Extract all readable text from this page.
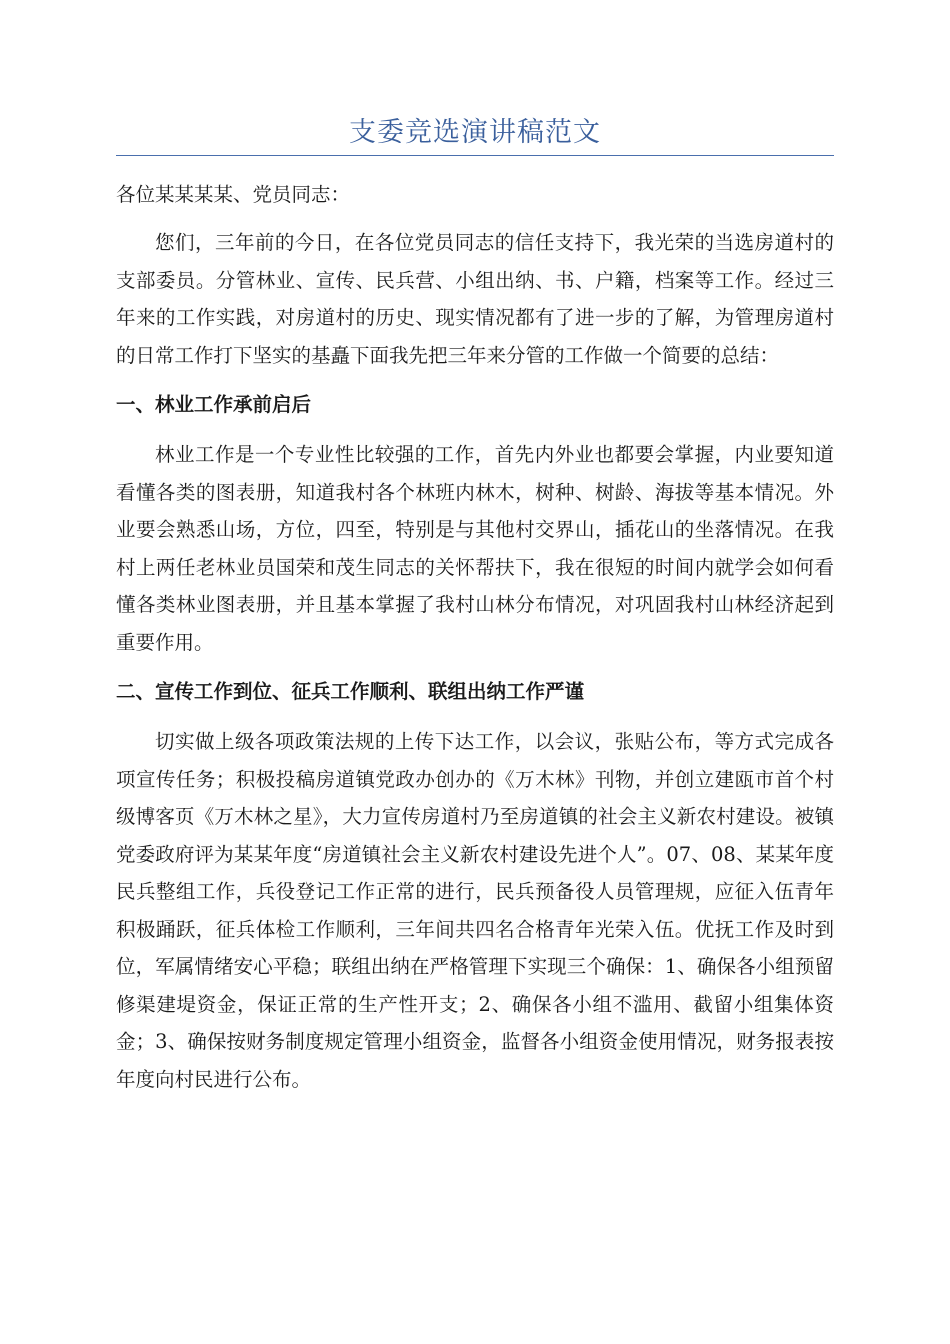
支委竞选演讲稿范文
各位某某某某、党员同志：

您们，三年前的今日，在各位党员同志的信任支持下，我光荣的当选房道村的支部委员。分管林业、宣传、民兵营、小组出纳、书、户籍，档案等工作。经过三年来的工作实践，对房道村的历史、现实情况都有了进一步的了解，为管理房道村的日常工作打下坚实的基矗下面我先把三年来分管的工作做一个简要的总结：

一、林业工作承前启后

林业工作是一个专业性比较强的工作，首先内外业也都要会掌握，内业要知道看懂各类的图表册，知道我村各个林班内林木，树种、树龄、海拔等基本情况。外业要会熟悉山场，方位，四至，特别是与其他村交界山，插花山的坐落情况。在我村上两任老林业员国荣和茂生同志的关怀帮扶下，我在很短的时间内就学会如何看懂各类林业图表册，并且基本掌握了我村山林分布情况，对巩固我村山林经济起到重要作用。

二、宣传工作到位、征兵工作顺利、联组出纳工作严谨

切实做上级各项政策法规的上传下达工作，以会议，张贴公布，等方式完成各项宣传任务；积极投稿房道镇党政办创办的《万木林》刊物，并创立建瓯市首个村级博客页《万木林之星》，大力宣传房道村乃至房道镇的社会主义新农村建设。被镇党委政府评为某某年度“房道镇社会主义新农村建设先进个人”。07、08、某某年度民兵整组工作，兵役登记工作正常的进行，民兵预备役人员管理规，应征入伍青年积极踊跃，征兵体检工作顺利，三年间共四名合格青年光荣入伍。优抚工作及时到位，军属情绪安心平稳；联组出纳在严格管理下实现三个确保：1、确保各小组预留修渠建堤资金，保证正常的生产性开支；2、确保各小组不滥用、截留小组集体资金；3、确保按财务制度规定管理小组资金，监督各小组资金使用情况，财务报表按年度向村民进行公布。
